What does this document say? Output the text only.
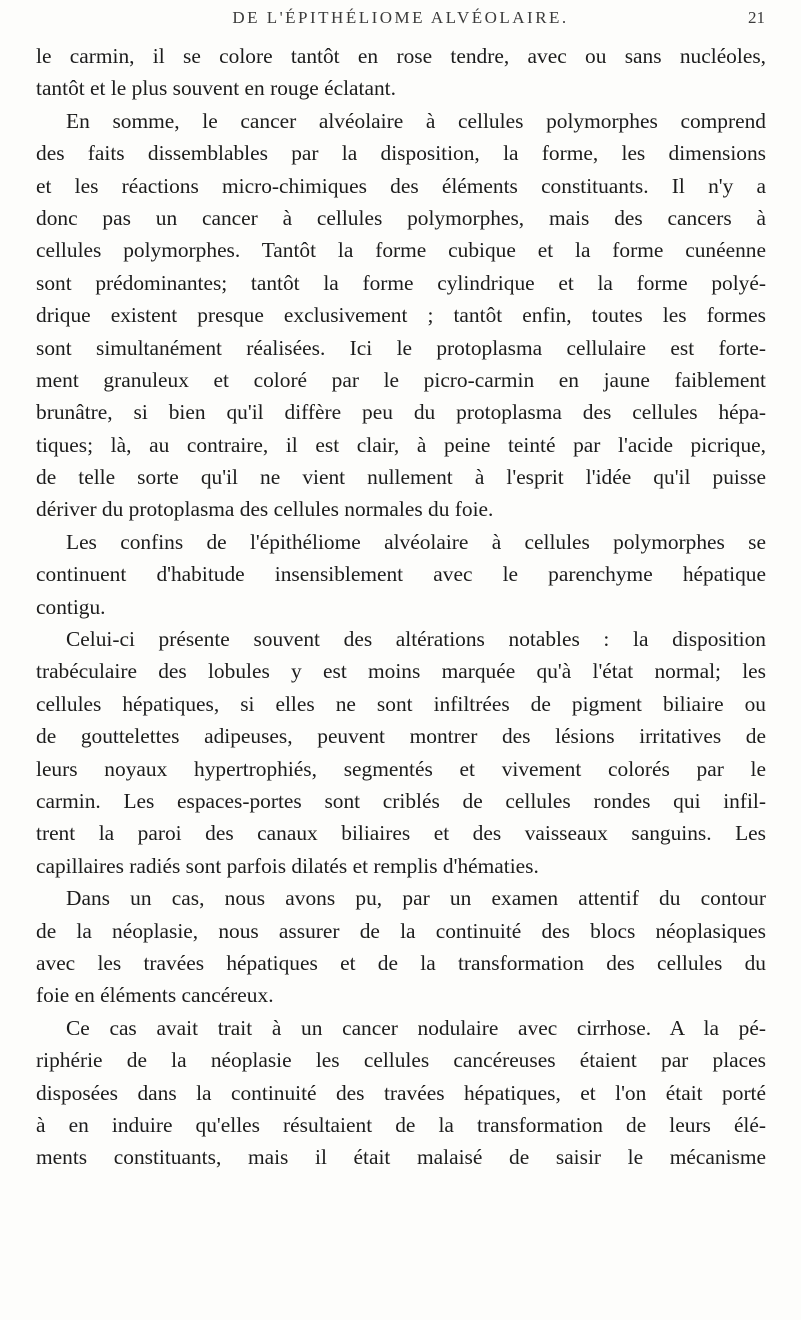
DE L'ÉPITHÉLIOME ALVÉOLAIRE.	21
le carmin, il se colore tantôt en rose tendre, avec ou sans nucléoles,
tantôt et le plus souvent en rouge éclatant.
En somme, le cancer alvéolaire à cellules polymorphes comprend
des faits dissemblables par la disposition, la forme, les dimensions
et les réactions micro-chimiques des éléments constituants. Il n'y a
donc pas un cancer à cellules polymorphes, mais des cancers à
cellules polymorphes. Tantôt la forme cubique et la forme cunéenne
sont prédominantes; tantôt la forme cylindrique et la forme polyé-
drique existent presque exclusivement ; tantôt enfin, toutes les formes
sont simultanément réalisées. Ici le protoplasma cellulaire est forte-
ment granuleux et coloré par le picro-carmin en jaune faiblement
brunâtre, si bien qu'il diffère peu du protoplasma des cellules hépa-
tiques; là, au contraire, il est clair, à peine teinté par l'acide picrique,
de telle sorte qu'il ne vient nullement à l'esprit l'idée qu'il puisse
dériver du protoplasma des cellules normales du foie.
Les confins de l'épithéliome alvéolaire à cellules polymorphes se
continuent d'habitude insensiblement avec le parenchyme hépatique
contigu.
Celui-ci présente souvent des altérations notables : la disposition
trabéculaire des lobules y est moins marquée qu'à l'état normal; les
cellules hépatiques, si elles ne sont infiltrées de pigment biliaire ou
de gouttelettes adipeuses, peuvent montrer des lésions irritatives de
leurs noyaux hypertrophiés, segmentés et vivement colorés par le
carmin. Les espaces-portes sont criblés de cellules rondes qui infil-
trent la paroi des canaux biliaires et des vaisseaux sanguins. Les
capillaires radiés sont parfois dilatés et remplis d'hématies.
Dans un cas, nous avons pu, par un examen attentif du contour
de la néoplasie, nous assurer de la continuité des blocs néoplasiques
avec les travées hépatiques et de la transformation des cellules du
foie en éléments cancéreux.
Ce cas avait trait à un cancer nodulaire avec cirrhose. A la pé-
riphérie de la néoplasie les cellules cancéreuses étaient par places
disposées dans la continuité des travées hépatiques, et l'on était porté
à en induire qu'elles résultaient de la transformation de leurs élé-
ments constituants, mais il était malaisé de saisir le mécanisme
